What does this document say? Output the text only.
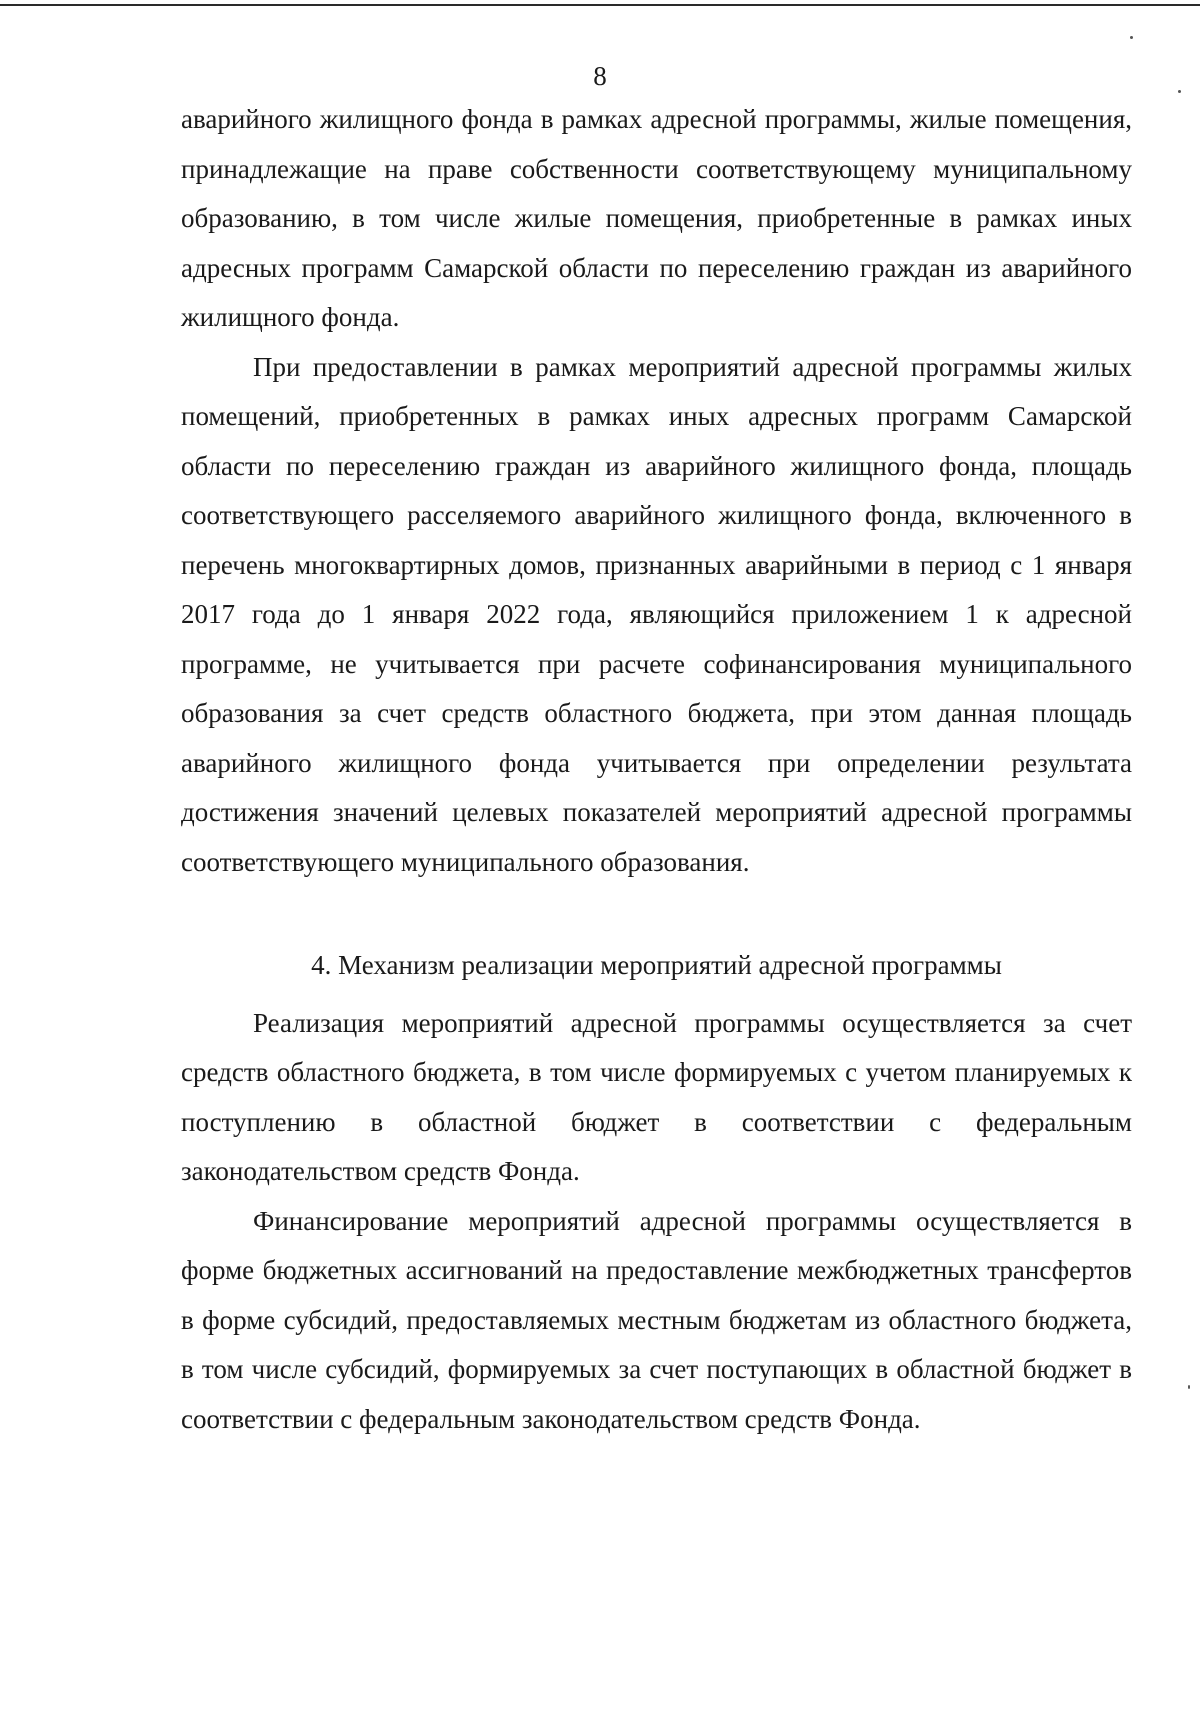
8

аварийного жилищного фонда в рамках адресной программы, жилые помещения, принадлежащие на праве собственности соответствующему муниципальному образованию, в том числе жилые помещения, приобретенные в рамках иных адресных программ Самарской области по переселению граждан из аварийного жилищного фонда.

При предоставлении в рамках мероприятий адресной программы жилых помещений, приобретенных в рамках иных адресных программ Самарской области по переселению граждан из аварийного жилищного фонда, площадь соответствующего расселяемого аварийного жилищного фонда, включенного в перечень многоквартирных домов, признанных аварийными в период с 1 января 2017 года до 1 января 2022 года, являющийся приложением 1 к адресной программе, не учитывается при расчете софинансирования муниципального образования за счет средств областного бюджета, при этом данная площадь аварийного жилищного фонда учитывается при определении результата достижения значений целевых показателей мероприятий адресной программы соответствующего муниципального образования.

4. Механизм реализации мероприятий адресной программы

Реализация мероприятий адресной программы осуществляется за счет средств областного бюджета, в том числе формируемых с учетом планируемых к поступлению в областной бюджет в соответствии с федеральным законодательством средств Фонда.

Финансирование мероприятий адресной программы осуществляется в форме бюджетных ассигнований на предоставление межбюджетных трансфертов в форме субсидий, предоставляемых местным бюджетам из областного бюджета, в том числе субсидий, формируемых за счет поступающих в областной бюджет в соответствии с федеральным законодательством средств Фонда.
